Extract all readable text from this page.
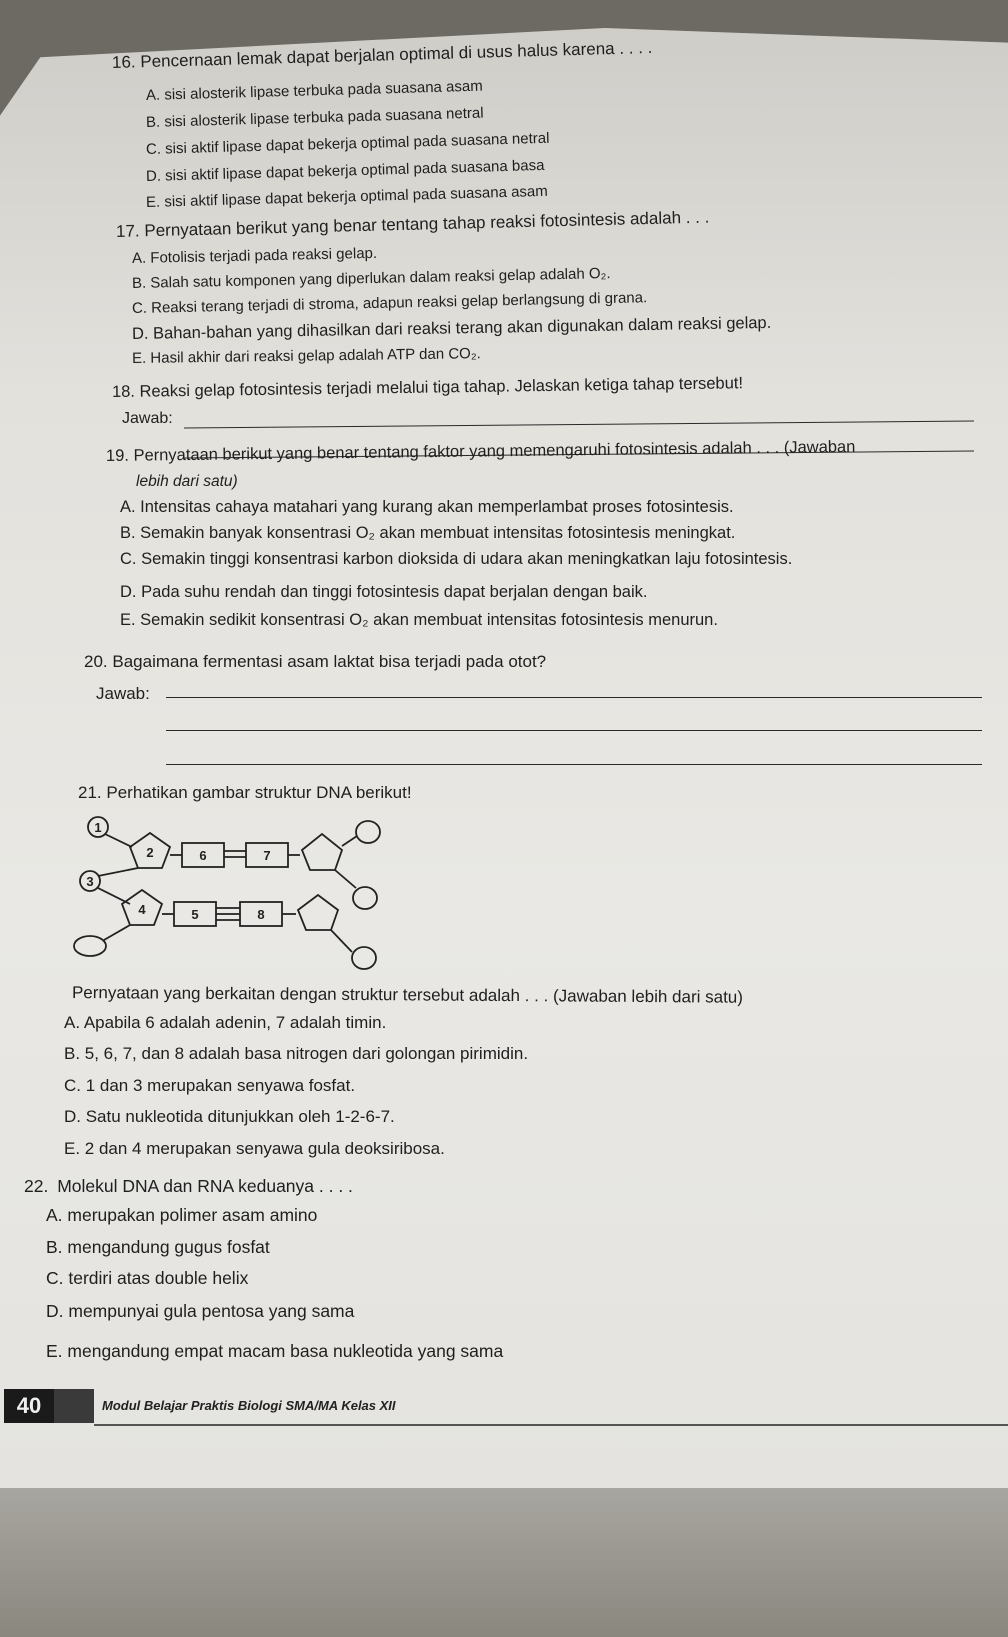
16. Pencernaan lemak dapat berjalan optimal di usus halus karena . . . .
A. sisi alosterik lipase terbuka pada suasana asam
B. sisi alosterik lipase terbuka pada suasana netral
C. sisi aktif lipase dapat bekerja optimal pada suasana netral
D. sisi aktif lipase dapat bekerja optimal pada suasana basa
E. sisi aktif lipase dapat bekerja optimal pada suasana asam
17. Pernyataan berikut yang benar tentang tahap reaksi fotosintesis adalah . . .
A. Fotolisis terjadi pada reaksi gelap.
B. Salah satu komponen yang diperlukan dalam reaksi gelap adalah O₂.
C. Reaksi terang terjadi di stroma, adapun reaksi gelap berlangsung di grana.
D. Bahan-bahan yang dihasilkan dari reaksi terang akan digunakan dalam reaksi gelap.
E. Hasil akhir dari reaksi gelap adalah ATP dan CO₂.
18. Reaksi gelap fotosintesis terjadi melalui tiga tahap. Jelaskan ketiga tahap tersebut!
Jawab:
19. Pernyataan berikut yang benar tentang faktor yang memengaruhi fotosintesis adalah . . . (Jawaban
lebih dari satu)
A. Intensitas cahaya matahari yang kurang akan memperlambat proses fotosintesis.
B. Semakin banyak konsentrasi O₂ akan membuat intensitas fotosintesis meningkat.
C. Semakin tinggi konsentrasi karbon dioksida di udara akan meningkatkan laju fotosintesis.
D. Pada suhu rendah dan tinggi fotosintesis dapat berjalan dengan baik.
E. Semakin sedikit konsentrasi O₂ akan membuat intensitas fotosintesis menurun.
20. Bagaimana fermentasi asam laktat bisa terjadi pada otot?
Jawab:
21. Perhatikan gambar struktur DNA berikut!
1
2	6	7
3
4	5	8
Pernyataan yang berkaitan dengan struktur tersebut adalah . . . (Jawaban lebih dari satu)
A. Apabila 6 adalah adenin, 7 adalah timin.
B. 5, 6, 7, dan 8 adalah basa nitrogen dari golongan pirimidin.
C. 1 dan 3 merupakan senyawa fosfat.
D. Satu nukleotida ditunjukkan oleh 1-2-6-7.
E. 2 dan 4 merupakan senyawa gula deoksiribosa.
22. Molekul DNA dan RNA keduanya . . . .
A. merupakan polimer asam amino
B. mengandung gugus fosfat
C. terdiri atas double helix
D. mempunyai gula pentosa yang sama
E. mengandung empat macam basa nukleotida yang sama
40	Modul Belajar Praktis Biologi SMA/MA Kelas XII
